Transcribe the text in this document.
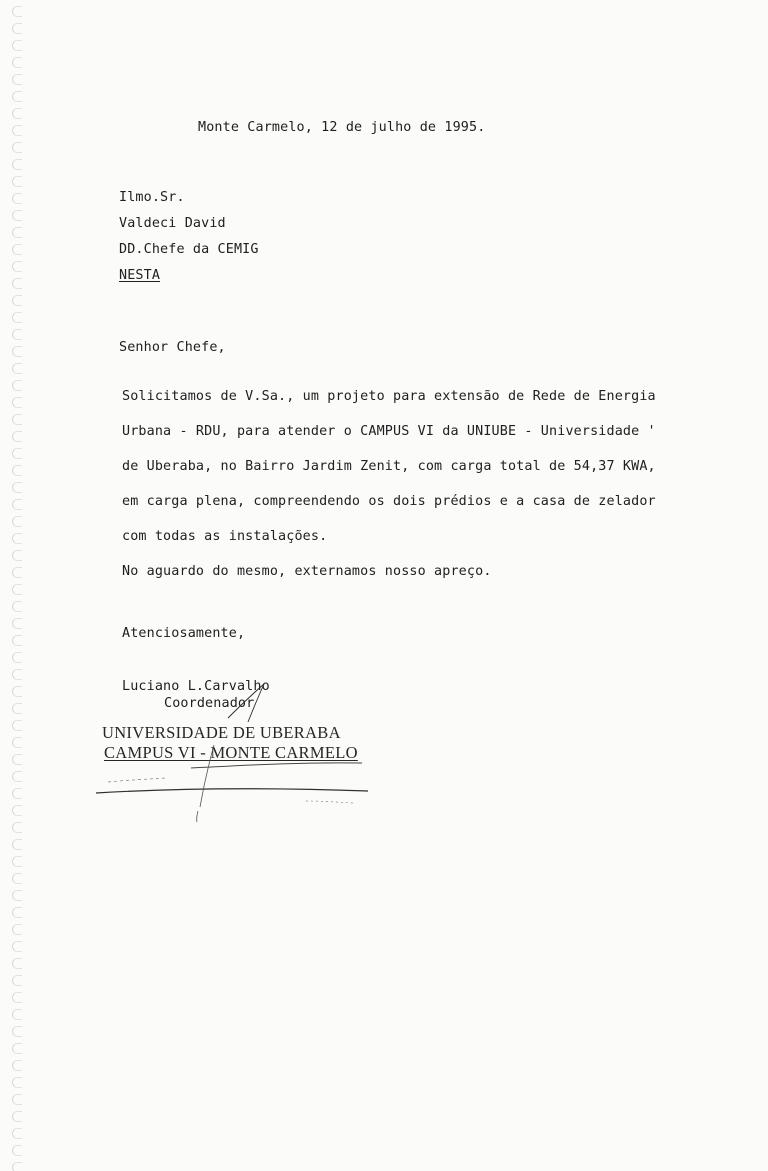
Monte Carmelo, 12 de julho de 1995.
Ilmo.Sr.
Valdeci David
DD.Chefe da CEMIG
NESTA
Senhor Chefe,
Solicitamos de V.Sa., um projeto para extensão de Rede de Energia
Urbana - RDU, para atender o CAMPUS VI da UNIUBE - Universidade '
de Uberaba, no Bairro Jardim Zenit, com carga total de 54,37 KWA,
em carga plena, compreendendo os dois prédios e a casa de zelador
com todas as instalações.
No aguardo do mesmo, externamos nosso apreço.
Atenciosamente,
Luciano L.Carvalho
Coordenador
UNIVERSIDADE DE UBERABA
CAMPUS VI - MONTE CARMELO
